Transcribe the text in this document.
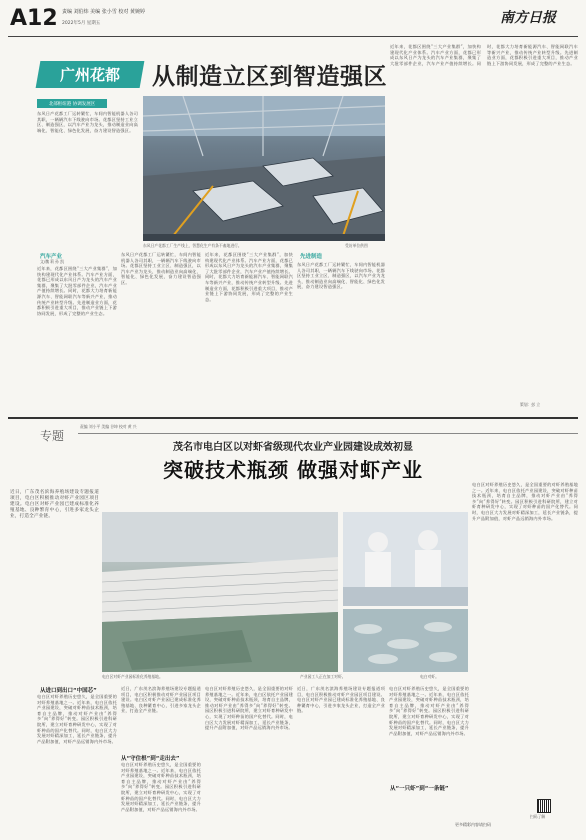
A12 责编 刘伯炜 美编 张小雪 校对 黄婉婷
2022年5月 星期五	南方日报
广州花都 从制造立区到智造强区
北部枢纽港 协调发展区
东风日产花都工厂运转繁忙，车间内智能机器人各司其职，一辆辆汽车下线驶向市场。花都区坚持工业立区、制造强区，以汽车产业为龙头，推动制造业向高端化、智能化、绿色化发展，奋力建设智造强区。
东风日产花都工厂生产线上，智慧化生产有条不紊地进行。	受访单位供图
近年来，花都区围绕“三大产业集群”，加快构建现代化产业体系。汽车产业方面，花都已形成以东风日产为龙头的汽车产业集群，聚集了大批零部件企业，汽车产业产值持续增长。同时，花都大力培育新能源汽车、智能网联汽车等新兴产业，推动传统产业转型升级。先进制造业方面，花都积极引进重大项目，推动产业链上下游协同发展，形成了完整的产业生态。
汽车产业
文/魏 莉 孙 凯
近年来，花都区围绕“三大产业集群”，加快构建现代化产业体系。汽车产业方面，花都已形成以东风日产为龙头的汽车产业集群，聚集了大批零部件企业，汽车产业产值持续增长。同时，花都大力培育新能源汽车、智能网联汽车等新兴产业，推动传统产业转型升级。先进制造业方面，花都积极引进重大项目，推动产业链上下游协同发展，形成了完整的产业生态。
东风日产花都工厂运转繁忙，车间内智能机器人各司其职，一辆辆汽车下线驶向市场。花都区坚持工业立区、制造强区，以汽车产业为龙头，推动制造业向高端化、智能化、绿色化发展，奋力建设智造强区。
近年来，花都区围绕“三大产业集群”，加快构建现代化产业体系。汽车产业方面，花都已形成以东风日产为龙头的汽车产业集群，聚集了大批零部件企业，汽车产业产值持续增长。同时，花都大力培育新能源汽车、智能网联汽车等新兴产业，推动传统产业转型升级。先进制造业方面，花都积极引进重大项目，推动产业链上下游协同发展，形成了完整的产业生态。
先进制造
东风日产花都工厂运转繁忙，车间内智能机器人各司其职，一辆辆汽车下线驶向市场。花都区坚持工业立区、制造强区，以汽车产业为龙头，推动制造业向高端化、智能化、绿色化发展，奋力建设智造强区。
策划：彭 立
专题
责编 刘小平 美编 谷坤 校对 黄 兴
茂名市电白区以对虾省级现代农业产业园建设成效初显
突破技术瓶颈 做强对虾产业
近日，广东茂名滨海养殖场建设专题报道项目，电白区积极推动对虾产业园区项目建设。电白区对虾产业园已建成标准化养殖基地、良种繁育中心，引进多家龙头企业，打造全产业链。
电白区对虾产业园标准化养殖基地。	产业园工人正在加工对虾。	电白对虾。
电白区对虾养殖历史悠久，是全国重要的对虾养殖基地之一。近年来，电白区依托产业园建设，突破对虾种苗技术瓶颈，培育自主品牌，推动对虾产业由“养得多”向“养得好”转变。园区积极引进科研院所，建立对虾育种研发中心，实现了对虾种苗的国产化替代。同时，电白区大力发展对虾精深加工，延长产业链条，提升产品附加值，对虾产品远销海内外市场。
从进口到出口“中国芯”
电白区对虾养殖历史悠久，是全国重要的对虾养殖基地之一。近年来，电白区依托产业园建设，突破对虾种苗技术瓶颈，培育自主品牌，推动对虾产业由“养得多”向“养得好”转变。园区积极引进科研院所，建立对虾育种研发中心，实现了对虾种苗的国产化替代。同时，电白区大力发展对虾精深加工，延长产业链条，提升产品附加值，对虾产品远销海内外市场。
从“守住根”到“走出去”
近日，广东茂名滨海养殖场建设专题报道项目，电白区积极推动对虾产业园区项目建设。电白区对虾产业园已建成标准化养殖基地、良种繁育中心，引进多家龙头企业，打造全产业链。
电白区对虾养殖历史悠久，是全国重要的对虾养殖基地之一。近年来，电白区依托产业园建设，突破对虾种苗技术瓶颈，培育自主品牌，推动对虾产业由“养得多”向“养得好”转变。园区积极引进科研院所，建立对虾育种研发中心，实现了对虾种苗的国产化替代。同时，电白区大力发展对虾精深加工，延长产业链条，提升产品附加值，对虾产品远销海内外市场。
电白区对虾养殖历史悠久，是全国重要的对虾养殖基地之一。近年来，电白区依托产业园建设，突破对虾种苗技术瓶颈，培育自主品牌，推动对虾产业由“养得多”向“养得好”转变。园区积极引进科研院所，建立对虾育种研发中心，实现了对虾种苗的国产化替代。同时，电白区大力发展对虾精深加工，延长产业链条，提升产品附加值，对虾产品远销海内外市场。
近日，广东茂名滨海养殖场建设专题报道项目，电白区积极推动对虾产业园区项目建设。电白区对虾产业园已建成标准化养殖基地、良种繁育中心，引进多家龙头企业，打造全产业链。
从“一只虾”到“一条链”
电白区对虾养殖历史悠久，是全国重要的对虾养殖基地之一。近年来，电白区依托产业园建设，突破对虾种苗技术瓶颈，培育自主品牌，推动对虾产业由“养得多”向“养得好”转变。园区积极引进科研院所，建立对虾育种研发中心，实现了对虾种苗的国产化替代。同时，电白区大力发展对虾精深加工，延长产业链条，提升产品附加值，对虾产品远销海内外市场。
扫码了解
更多精彩内容请扫码
